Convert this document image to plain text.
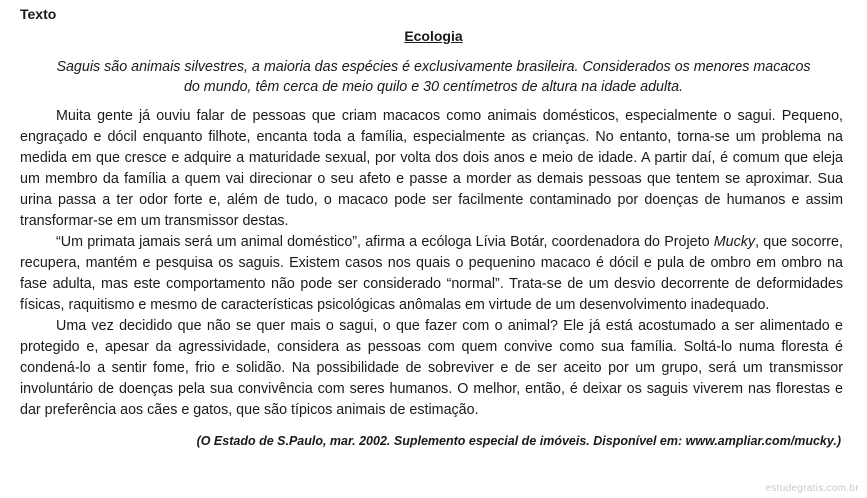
Texto
Ecologia
Saguis são animais silvestres, a maioria das espécies é exclusivamente brasileira. Considerados os menores macacos do mundo, têm cerca de meio quilo e 30 centímetros de altura na idade adulta.

Muita gente já ouviu falar de pessoas que criam macacos como animais domésticos, especialmente o sagui. Pequeno, engraçado e dócil enquanto filhote, encanta toda a família, especialmente as crianças. No entanto, torna-se um problema na medida em que cresce e adquire a maturidade sexual, por volta dos dois anos e meio de idade. A partir daí, é comum que eleja um membro da família a quem vai direcionar o seu afeto e passe a morder as demais pessoas que tentem se aproximar. Sua urina passa a ter odor forte e, além de tudo, o macaco pode ser facilmente contaminado por doenças de humanos e assim transformar-se em um transmissor destas.

“Um primata jamais será um animal doméstico”, afirma a ecóloga Lívia Botár, coordenadora do Projeto Mucky, que socorre, recupera, mantém e pesquisa os saguis. Existem casos nos quais o pequenino macaco é dócil e pula de ombro em ombro na fase adulta, mas este comportamento não pode ser considerado “normal”. Trata-se de um desvio decorrente de deformidades físicas, raquitismo e mesmo de características psicológicas anômalas em virtude de um desenvolvimento inadequado.

Uma vez decidido que não se quer mais o sagui, o que fazer com o animal? Ele já está acostumado a ser alimentado e protegido e, apesar da agressividade, considera as pessoas com quem convive como sua família. Soltá-lo numa floresta é condená-lo a sentir fome, frio e solidão. Na possibilidade de sobreviver e de ser aceito por um grupo, será um transmissor involuntário de doenças pela sua convivência com seres humanos. O melhor, então, é deixar os saguis viverem nas florestas e dar preferência aos cães e gatos, que são típicos animais de estimação.

(O Estado de S.Paulo, mar. 2002. Suplemento especial de imóveis. Disponível em: www.ampliar.com/mucky.)
estudegratis.com.br
